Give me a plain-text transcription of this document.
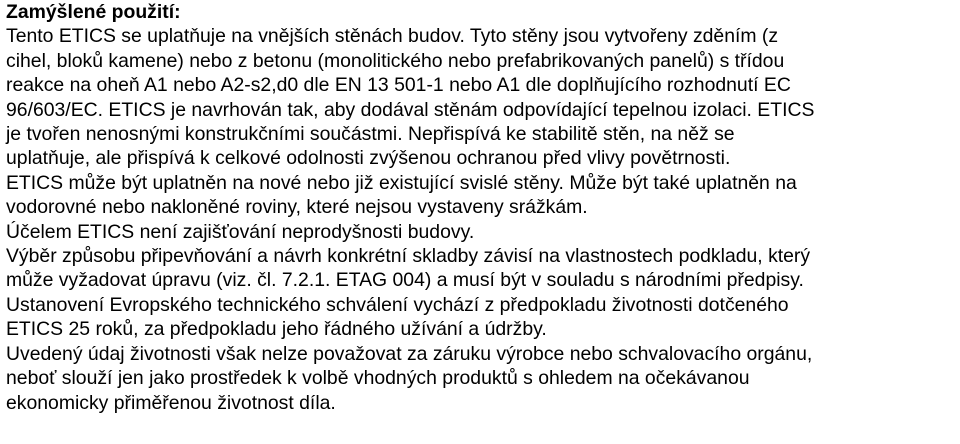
Zamýšlené použití:
Tento ETICS se uplatňuje na vnějších stěnách budov. Tyto stěny jsou vytvořeny zděním (z
cihel, bloků kamene) nebo z betonu (monolitického nebo prefabrikovaných panelů) s třídou
reakce na oheň A1 nebo A2-s2,d0 dle EN 13 501-1 nebo A1 dle doplňujícího rozhodnutí EC
96/603/EC. ETICS je navrhován tak, aby dodával stěnám odpovídající tepelnou izolaci. ETICS
je tvořen nenosnými konstrukčními součástmi. Nepřispívá ke stabilitě stěn, na něž se
uplatňuje, ale přispívá k celkové odolnosti zvýšenou ochranou před vlivy povětrnosti.
ETICS může být uplatněn na nové nebo již existující svislé stěny. Může být také uplatněn na
vodorovné nebo nakloněné roviny, které nejsou vystaveny srážkám.
Účelem ETICS není zajišťování neprodyšnosti budovy.
Výběr způsobu připevňování a návrh konkrétní skladby závisí na vlastnostech podkladu, který
může vyžadovat úpravu (viz. čl. 7.2.1. ETAG 004) a musí být v souladu s národními předpisy.
Ustanovení Evropského technického schválení vychází z předpokladu životnosti dotčeného
ETICS 25 roků, za předpokladu jeho řádného užívání a údržby.
Uvedený údaj životnosti však nelze považovat za záruku výrobce nebo schvalovacího orgánu,
neboť slouží jen jako prostředek k volbě vhodných produktů s ohledem na očekávanou
ekonomicky přiměřenou životnost díla.
